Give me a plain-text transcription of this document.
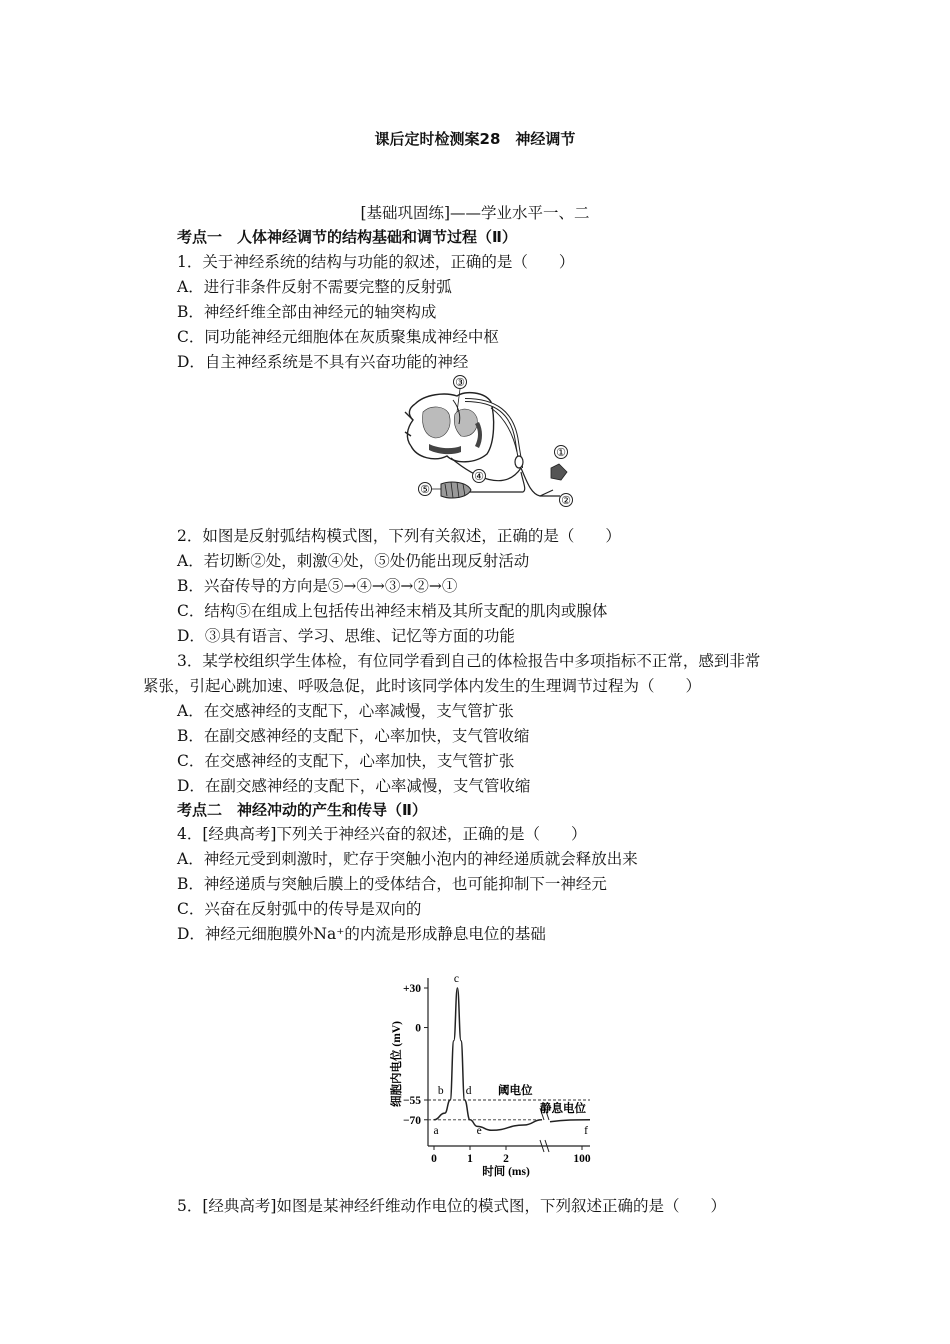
课后定时检测案28　神经调节
[基础巩固练]——学业水平一、二
考点一　人体神经调节的结构基础和调节过程（Ⅱ）
1．关于神经系统的结构与功能的叙述，正确的是（　　）
A．进行非条件反射不需要完整的反射弧
B．神经纤维全部由神经元的轴突构成
C．同功能神经元细胞体在灰质聚集成神经中枢
D．自主神经系统是不具有兴奋功能的神经
③
①
④
⑤
②
2．如图是反射弧结构模式图，下列有关叙述，正确的是（　　）
A．若切断②处，刺激④处，⑤处仍能出现反射活动
B．兴奋传导的方向是⑤→④→③→②→①
C．结构⑤在组成上包括传出神经末梢及其所支配的肌肉或腺体
D．③具有语言、学习、思维、记忆等方面的功能
3．某学校组织学生体检，有位同学看到自己的体检报告中多项指标不正常，感到非常
紧张，引起心跳加速、呼吸急促，此时该同学体内发生的生理调节过程为（　　）
A．在交感神经的支配下，心率减慢，支气管扩张
B．在副交感神经的支配下，心率加快，支气管收缩
C．在交感神经的支配下，心率加快，支气管扩张
D．在副交感神经的支配下，心率减慢，支气管收缩
考点二　神经冲动的产生和传导（Ⅱ）
4．[经典高考]下列关于神经兴奋的叙述，正确的是（　　）
A．神经元受到刺激时，贮存于突触小泡内的神经递质就会释放出来
B．神经递质与突触后膜上的受体结合，也可能抑制下一神经元
C．兴奋在反射弧中的传导是双向的
D．神经元细胞膜外Na⁺的内流是形成静息电位的基础
+30
0
−55
−70
0	1	2	100
细胞内电位 (mV)
时间 (ms)
阈电位
静息电位
a
b
c
d
e	f
5．[经典高考]如图是某神经纤维动作电位的模式图，下列叙述正确的是（　　）
